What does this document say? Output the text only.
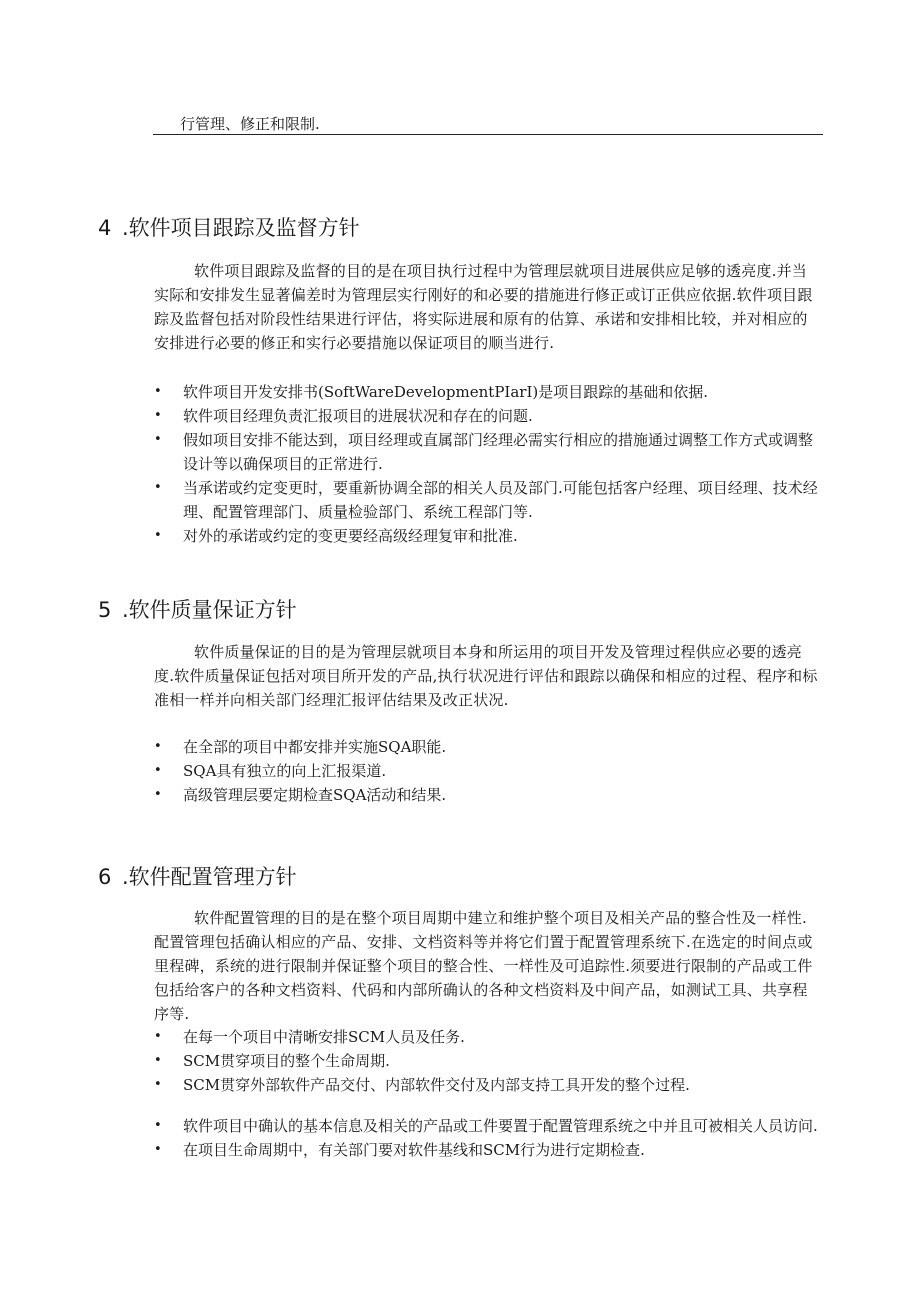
行管理、修正和限制.
4 .软件项目跟踪及监督方针
软件项目跟踪及监督的目的是在项目执行过程中为管理层就项目进展供应足够的透亮度.并当实际和安排发生显著偏差时为管理层实行刚好的和必要的措施进行修正或订正供应依据.软件项目跟踪及监督包括对阶段性结果进行评估，将实际进展和原有的估算、承诺和安排相比较，并对相应的安排进行必要的修正和实行必要措施以保证项目的顺当进行.
• 软件项目开发安排书(SoftWareDevelopmentPIarI)是项目跟踪的基础和依据.
• 软件项目经理负责汇报项目的进展状况和存在的问题.
• 假如项目安排不能达到，项目经理或直属部门经理必需实行相应的措施通过调整工作方式或调整设计等以确保项目的正常进行.
• 当承诺或约定变更时，要重新协调全部的相关人员及部门.可能包括客户经理、项目经理、技术经理、配置管理部门、质量检验部门、系统工程部门等.
• 对外的承诺或约定的变更要经高级经理复审和批准.
5 .软件质量保证方针
软件质量保证的目的是为管理层就项目本身和所运用的项目开发及管理过程供应必要的透亮度.软件质量保证包括对项目所开发的产品,执行状况进行评估和跟踪以确保和相应的过程、程序和标准相一样并向相关部门经理汇报评估结果及改正状况.
• 在全部的项目中都安排并实施SQA职能.
• SQA具有独立的向上汇报渠道.
• 高级管理层要定期检查SQA活动和结果.
6 .软件配置管理方针
软件配置管理的目的是在整个项目周期中建立和维护整个项目及相关产品的整合性及一样性.配置管理包括确认相应的产品、安排、文档资料等并将它们置于配置管理系统下.在选定的时间点或里程碑，系统的进行限制并保证整个项目的整合性、一样性及可追踪性.须要进行限制的产品或工件包括给客户的各种文档资料、代码和内部所确认的各种文档资料及中间产品，如测试工具、共享程序等.
• 在每一个项目中清晰安排SCM人员及任务.
• SCM贯穿项目的整个生命周期.
• SCM贯穿外部软件产品交付、内部软件交付及内部支持工具开发的整个过程.
• 软件项目中确认的基本信息及相关的产品或工件要置于配置管理系统之中并且可被相关人员访问.
• 在项目生命周期中，有关部门要对软件基线和SCM行为进行定期检查.
